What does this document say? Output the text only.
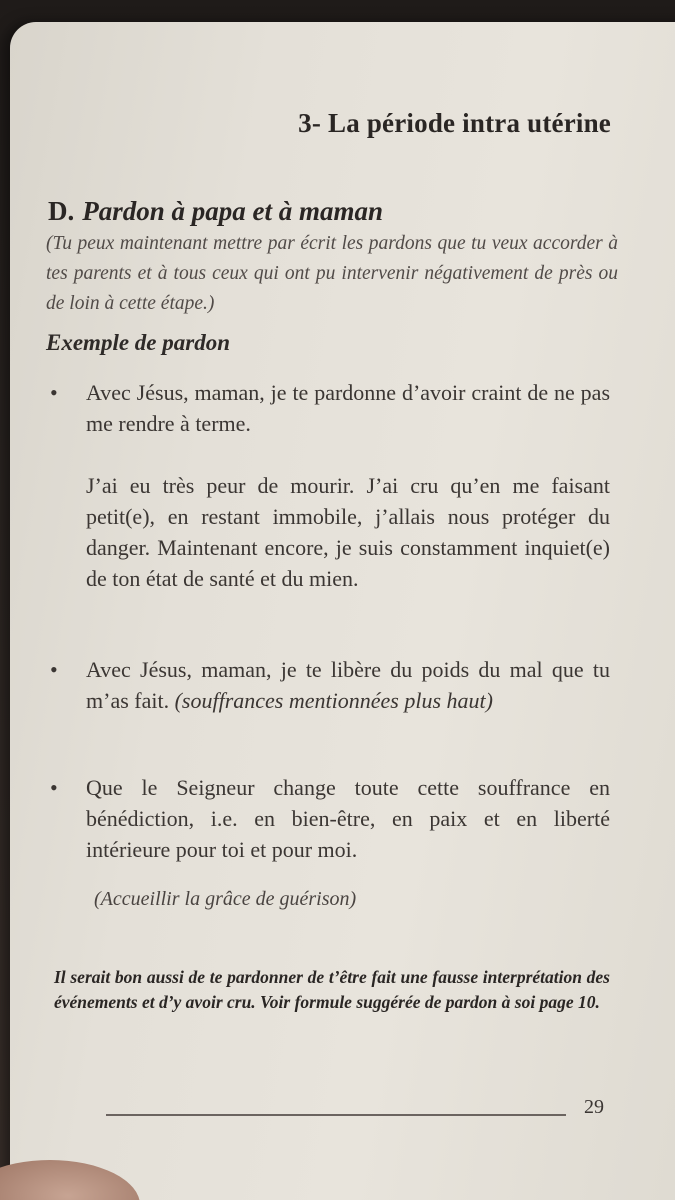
3- La période intra utérine
D. Pardon à papa et à maman
(Tu peux maintenant mettre par écrit les pardons que tu veux accorder à tes parents et à tous ceux qui ont pu intervenir négativement de près ou de loin à cette étape.)
Exemple de pardon
• Avec Jésus, maman, je te pardonne d’avoir craint de ne pas me rendre à terme.
J’ai eu très peur de mourir. J’ai cru qu’en me faisant petit(e), en restant immobile, j’allais nous protéger du danger. Maintenant encore, je suis constamment inquiet(e) de ton état de santé et du mien.
• Avec Jésus, maman, je te libère du poids du mal que tu m’as fait. (souffrances mentionnées plus haut)
• Que le Seigneur change toute cette souffrance en bénédiction, i.e. en bien-être, en paix et en liberté intérieure pour toi et pour moi.
(Accueillir la grâce de guérison)
Il serait bon aussi de te pardonner de t’être fait une fausse interprétation des événements et d’y avoir cru. Voir formule suggérée de pardon à soi page 10.
29
